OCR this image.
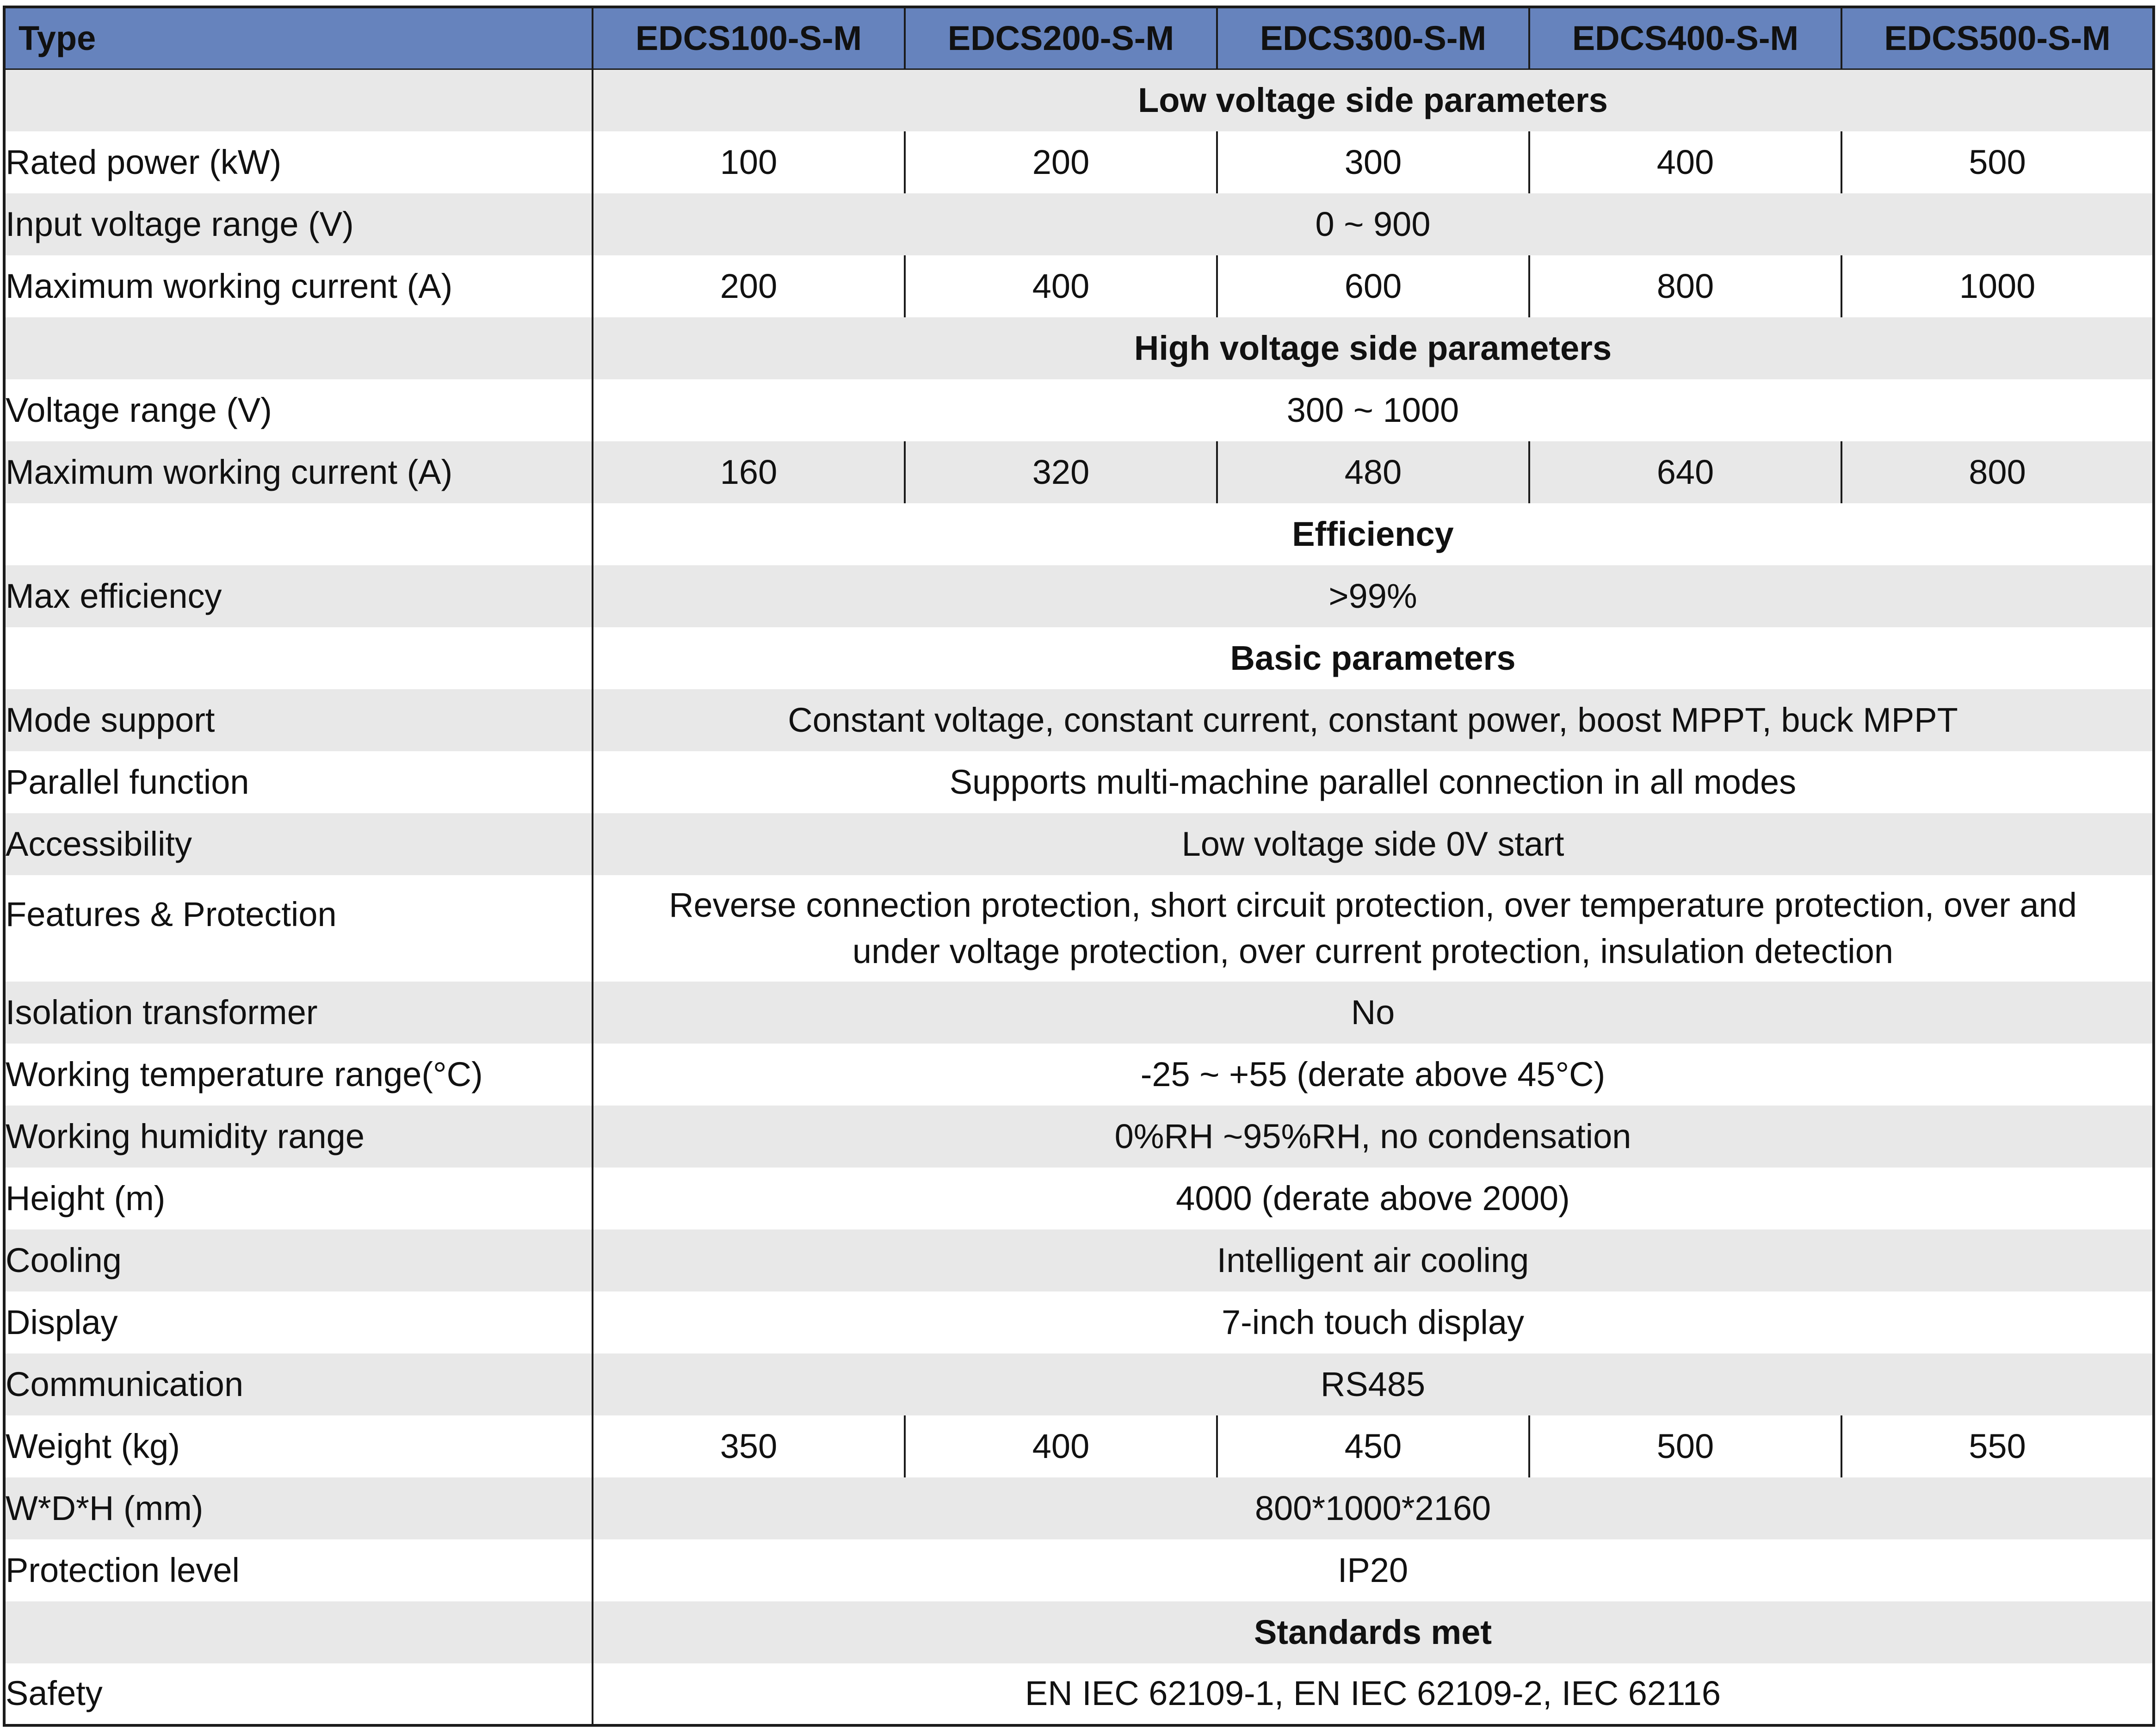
Type	EDCS100-S-M	EDCS200-S-M	EDCS300-S-M	EDCS400-S-M	EDCS500-S-M
	Low voltage side parameters				
Rated power (kW)	100	200	300	400	500
Input voltage range (V)	0 ~ 900				
Maximum working current (A)	200	400	600	800	1000
	High voltage side parameters				
Voltage range (V)	300 ~ 1000				
Maximum working current (A)	160	320	480	640	800
	Efficiency				
Max efficiency	>99%				
	Basic parameters				
Mode support	Constant voltage, constant current, constant power, boost MPPT, buck MPPT				
Parallel function	Supports multi-machine parallel connection in all modes				
Accessibility	Low voltage side 0V start				
Features & Protection	Reverse connection protection, short circuit protection, over temperature protection, over and under voltage protection, over current protection, insulation detection				
Isolation transformer	No				
Working temperature range(°C)	-25 ~ +55 (derate above 45°C)				
Working humidity range	0%RH ~95%RH, no condensation				
Height (m)	4000 (derate above 2000)				
Cooling	Intelligent air cooling				
Display	7-inch touch display				
Communication	RS485				
Weight (kg)	350	400	450	500	550
W*D*H (mm)	800*1000*2160				
Protection level	IP20				
	Standards met				
Safety	EN IEC 62109-1, EN IEC 62109-2, IEC 62116				
